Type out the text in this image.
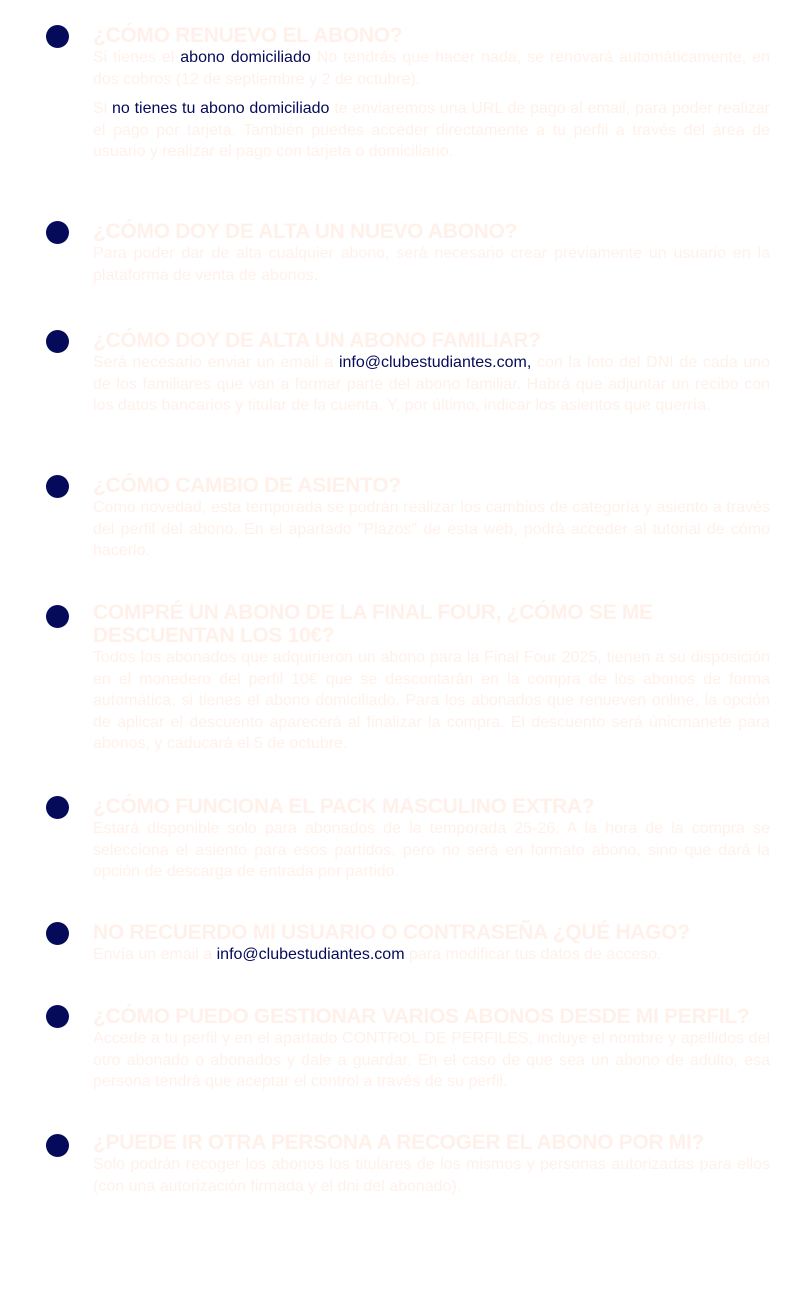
¿CÓMO RENUEVO EL ABONO?

Si tienes el abono domiciliado No tendrás que hacer nada, se renovará automáticamente, en dos cobros (12 de septiembre y 2 de octubre).

Si no tienes tu abono domiciliado te enviaremos una URL de pago al email, para poder realizar el pago por tarjeta. También puedes acceder directamente a tu perfil a través del área de usuario y realizar el pago con tarjeta o domiciliario.

¿CÓMO DOY DE ALTA UN NUEVO ABONO?

Para poder dar de alta cualquier abono, será necesario crear previamente un usuario en la plataforma de venta de abonos.

¿CÓMO DOY DE ALTA UN ABONO FAMILIAR?

Será necesario enviar un email a info@clubestudiantes.com, con la foto del DNI de cada uno de los familiares que van a formar parte del abono familiar. Habrá que adjuntar un recibo con los datos bancarios y titular de la cuenta. Y, por último, indicar los asientos que querría.

¿CÓMO CAMBIO DE ASIENTO?

Como novedad, esta temporada se podrán realizar los cambios de categoría y asiento a través del perfil del abono. En el apartado "Plazos" de esta web, podrá acceder al tutorial de cómo hacerlo.

COMPRÉ UN ABONO DE LA FINAL FOUR, ¿CÓMO SE ME DESCUENTAN LOS 10€?

Todos los abonados que adquirieron un abono para la Final Four 2025, tienen a su disposición en el monedero del perfil 10€ que se descontarán en la compra de los abonos de forma automática, si tienes el abono domiciliado. Para los abonados que renueven online, la opción de aplicar el descuento aparecerá al finalizar la compra. El descuento será únicmanete para abonos, y caducará el 5 de octubre.

¿CÓMO FUNCIONA EL PACK MASCULINO EXTRA?

Estará disponible solo para abonados de la temporada 25-26. A la hora de la compra se selecciona el asiento para esos partidos, pero no será en formato abono, sino que dará la opción de descarga de entrada por partido.

NO RECUERDO MI USUARIO O CONTRASEÑA ¿QUÉ HAGO?

Envía un email a info@clubestudiantes.com para modificar tus datos de acceso.

¿CÓMO PUEDO GESTIONAR VARIOS ABONOS DESDE MI PERFIL?

Accede a tu perfil y en el apartado CONTROL DE PERFILES, incluye el nombre y apellidos del otro abonado o abonados y dale a guardar. En el caso de que sea un abono de adulto, esa persona tendrá que aceptar el control a través de su perfil.

¿PUEDE IR OTRA PERSONA A RECOGER EL ABONO POR MI?

Solo podrán recoger los abonos los titulares de los mismos y personas autorizadas para ellos (con una autorización firmada y el dni del abonado).
